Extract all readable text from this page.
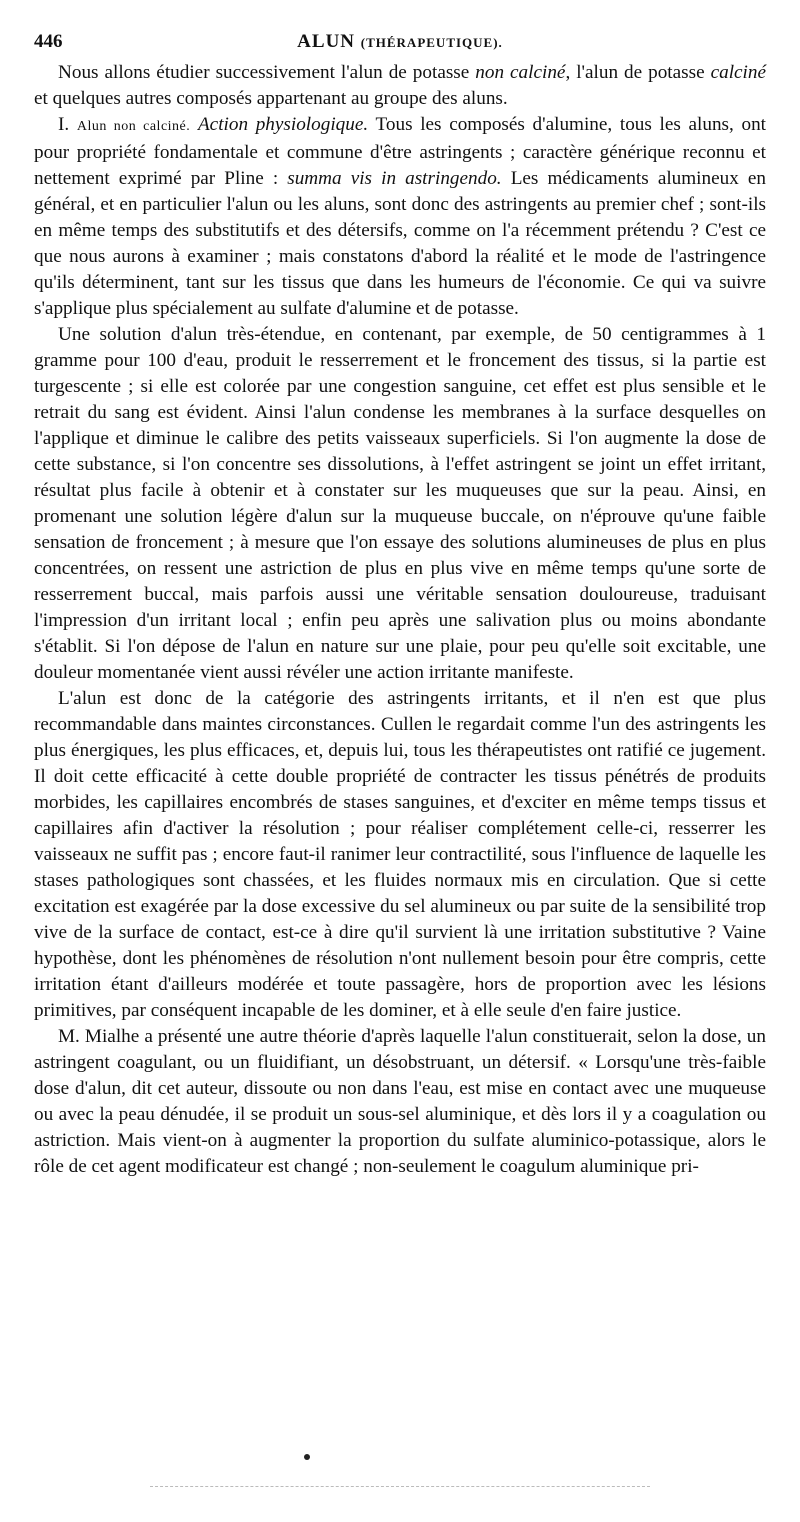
446	ALUN (THÉRAPEUTIQUE).

Nous allons étudier successivement l'alun de potasse non calciné, l'alun de potasse calciné et quelques autres composés appartenant au groupe des aluns.

I. Alun non calciné. Action physiologique. Tous les composés d'alumine, tous les aluns, ont pour propriété fondamentale et commune d'être astringents ; caractère générique reconnu et nettement exprimé par Pline : summa vis in astringendo. Les médicaments alumineux en général, et en particulier l'alun ou les aluns, sont donc des astringents au premier chef ; sont-ils en même temps des substitutifs et des détersifs, comme on l'a récemment prétendu ? C'est ce que nous aurons à examiner ; mais constatons d'abord la réalité et le mode de l'astringence qu'ils déterminent, tant sur les tissus que dans les humeurs de l'économie. Ce qui va suivre s'applique plus spécialement au sulfate d'alumine et de potasse.

Une solution d'alun très-étendue, en contenant, par exemple, de 50 centigrammes à 1 gramme pour 100 d'eau, produit le resserrement et le froncement des tissus, si la partie est turgescente ; si elle est colorée par une congestion sanguine, cet effet est plus sensible et le retrait du sang est évident. Ainsi l'alun condense les membranes à la surface desquelles on l'applique et diminue le calibre des petits vaisseaux superficiels. Si l'on augmente la dose de cette substance, si l'on concentre ses dissolutions, à l'effet astringent se joint un effet irritant, résultat plus facile à obtenir et à constater sur les muqueuses que sur la peau. Ainsi, en promenant une solution légère d'alun sur la muqueuse buccale, on n'éprouve qu'une faible sensation de froncement ; à mesure que l'on essaye des solutions alumineuses de plus en plus concentrées, on ressent une astriction de plus en plus vive en même temps qu'une sorte de resserrement buccal, mais parfois aussi une véritable sensation douloureuse, traduisant l'impression d'un irritant local ; enfin peu après une salivation plus ou moins abondante s'établit. Si l'on dépose de l'alun en nature sur une plaie, pour peu qu'elle soit excitable, une douleur momentanée vient aussi révéler une action irritante manifeste.

L'alun est donc de la catégorie des astringents irritants, et il n'en est que plus recommandable dans maintes circonstances. Cullen le regardait comme l'un des astringents les plus énergiques, les plus efficaces, et, depuis lui, tous les thérapeutistes ont ratifié ce jugement. Il doit cette efficacité à cette double propriété de contracter les tissus pénétrés de produits morbides, les capillaires encombrés de stases sanguines, et d'exciter en même temps tissus et capillaires afin d'activer la résolution ; pour réaliser complétement celle-ci, resserrer les vaisseaux ne suffit pas ; encore faut-il ranimer leur contractilité, sous l'influence de laquelle les stases pathologiques sont chassées, et les fluides normaux mis en circulation. Que si cette excitation est exagérée par la dose excessive du sel alumineux ou par suite de la sensibilité trop vive de la surface de contact, est-ce à dire qu'il survient là une irritation substitutive ? Vaine hypothèse, dont les phénomènes de résolution n'ont nullement besoin pour être compris, cette irritation étant d'ailleurs modérée et toute passagère, hors de proportion avec les lésions primitives, par conséquent incapable de les dominer, et à elle seule d'en faire justice.

M. Mialhe a présenté une autre théorie d'après laquelle l'alun constituerait, selon la dose, un astringent coagulant, ou un fluidifiant, un désobstruant, un détersif. « Lorsqu'une très-faible dose d'alun, dit cet auteur, dissoute ou non dans l'eau, est mise en contact avec une muqueuse ou avec la peau dénudée, il se produit un sous-sel aluminique, et dès lors il y a coagulation ou astriction. Mais vient-on à augmenter la proportion du sulfate aluminico-potassique, alors le rôle de cet agent modificateur est changé ; non-seulement le coagulum aluminique pri-
